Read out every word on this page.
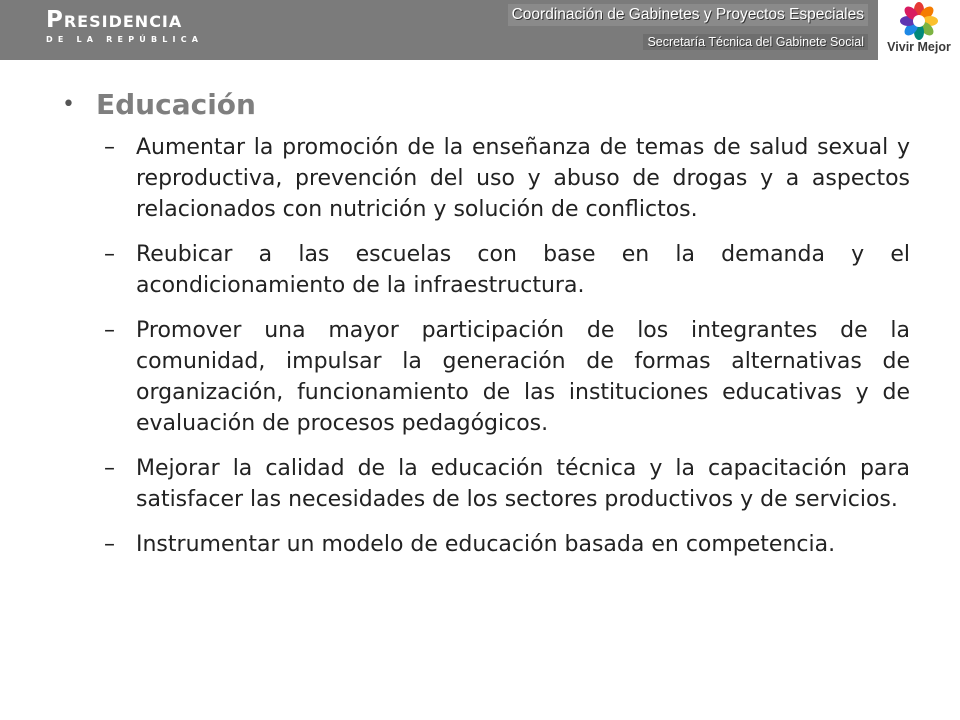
Presidencia
DE LA REPÚBLICA
Coordinación de Gabinetes y Proyectos Especiales
Secretaría Técnica del Gabinete Social	Vivir Mejor
• Educación
– Aumentar la promoción de la enseñanza de temas de salud sexual y reproductiva, prevención del uso y abuso de drogas y a aspectos relacionados con nutrición y solución de conflictos.
– Reubicar a las escuelas con base en la demanda y el acondicionamiento de la infraestructura.
– Promover una mayor participación de los integrantes de la comunidad, impulsar la generación de formas alternativas de organización, funcionamiento de las instituciones educativas y de evaluación de procesos pedagógicos.
– Mejorar la calidad de la educación técnica y la capacitación para satisfacer las necesidades de los sectores productivos y de servicios.
– Instrumentar un modelo de educación basada en competencia.
